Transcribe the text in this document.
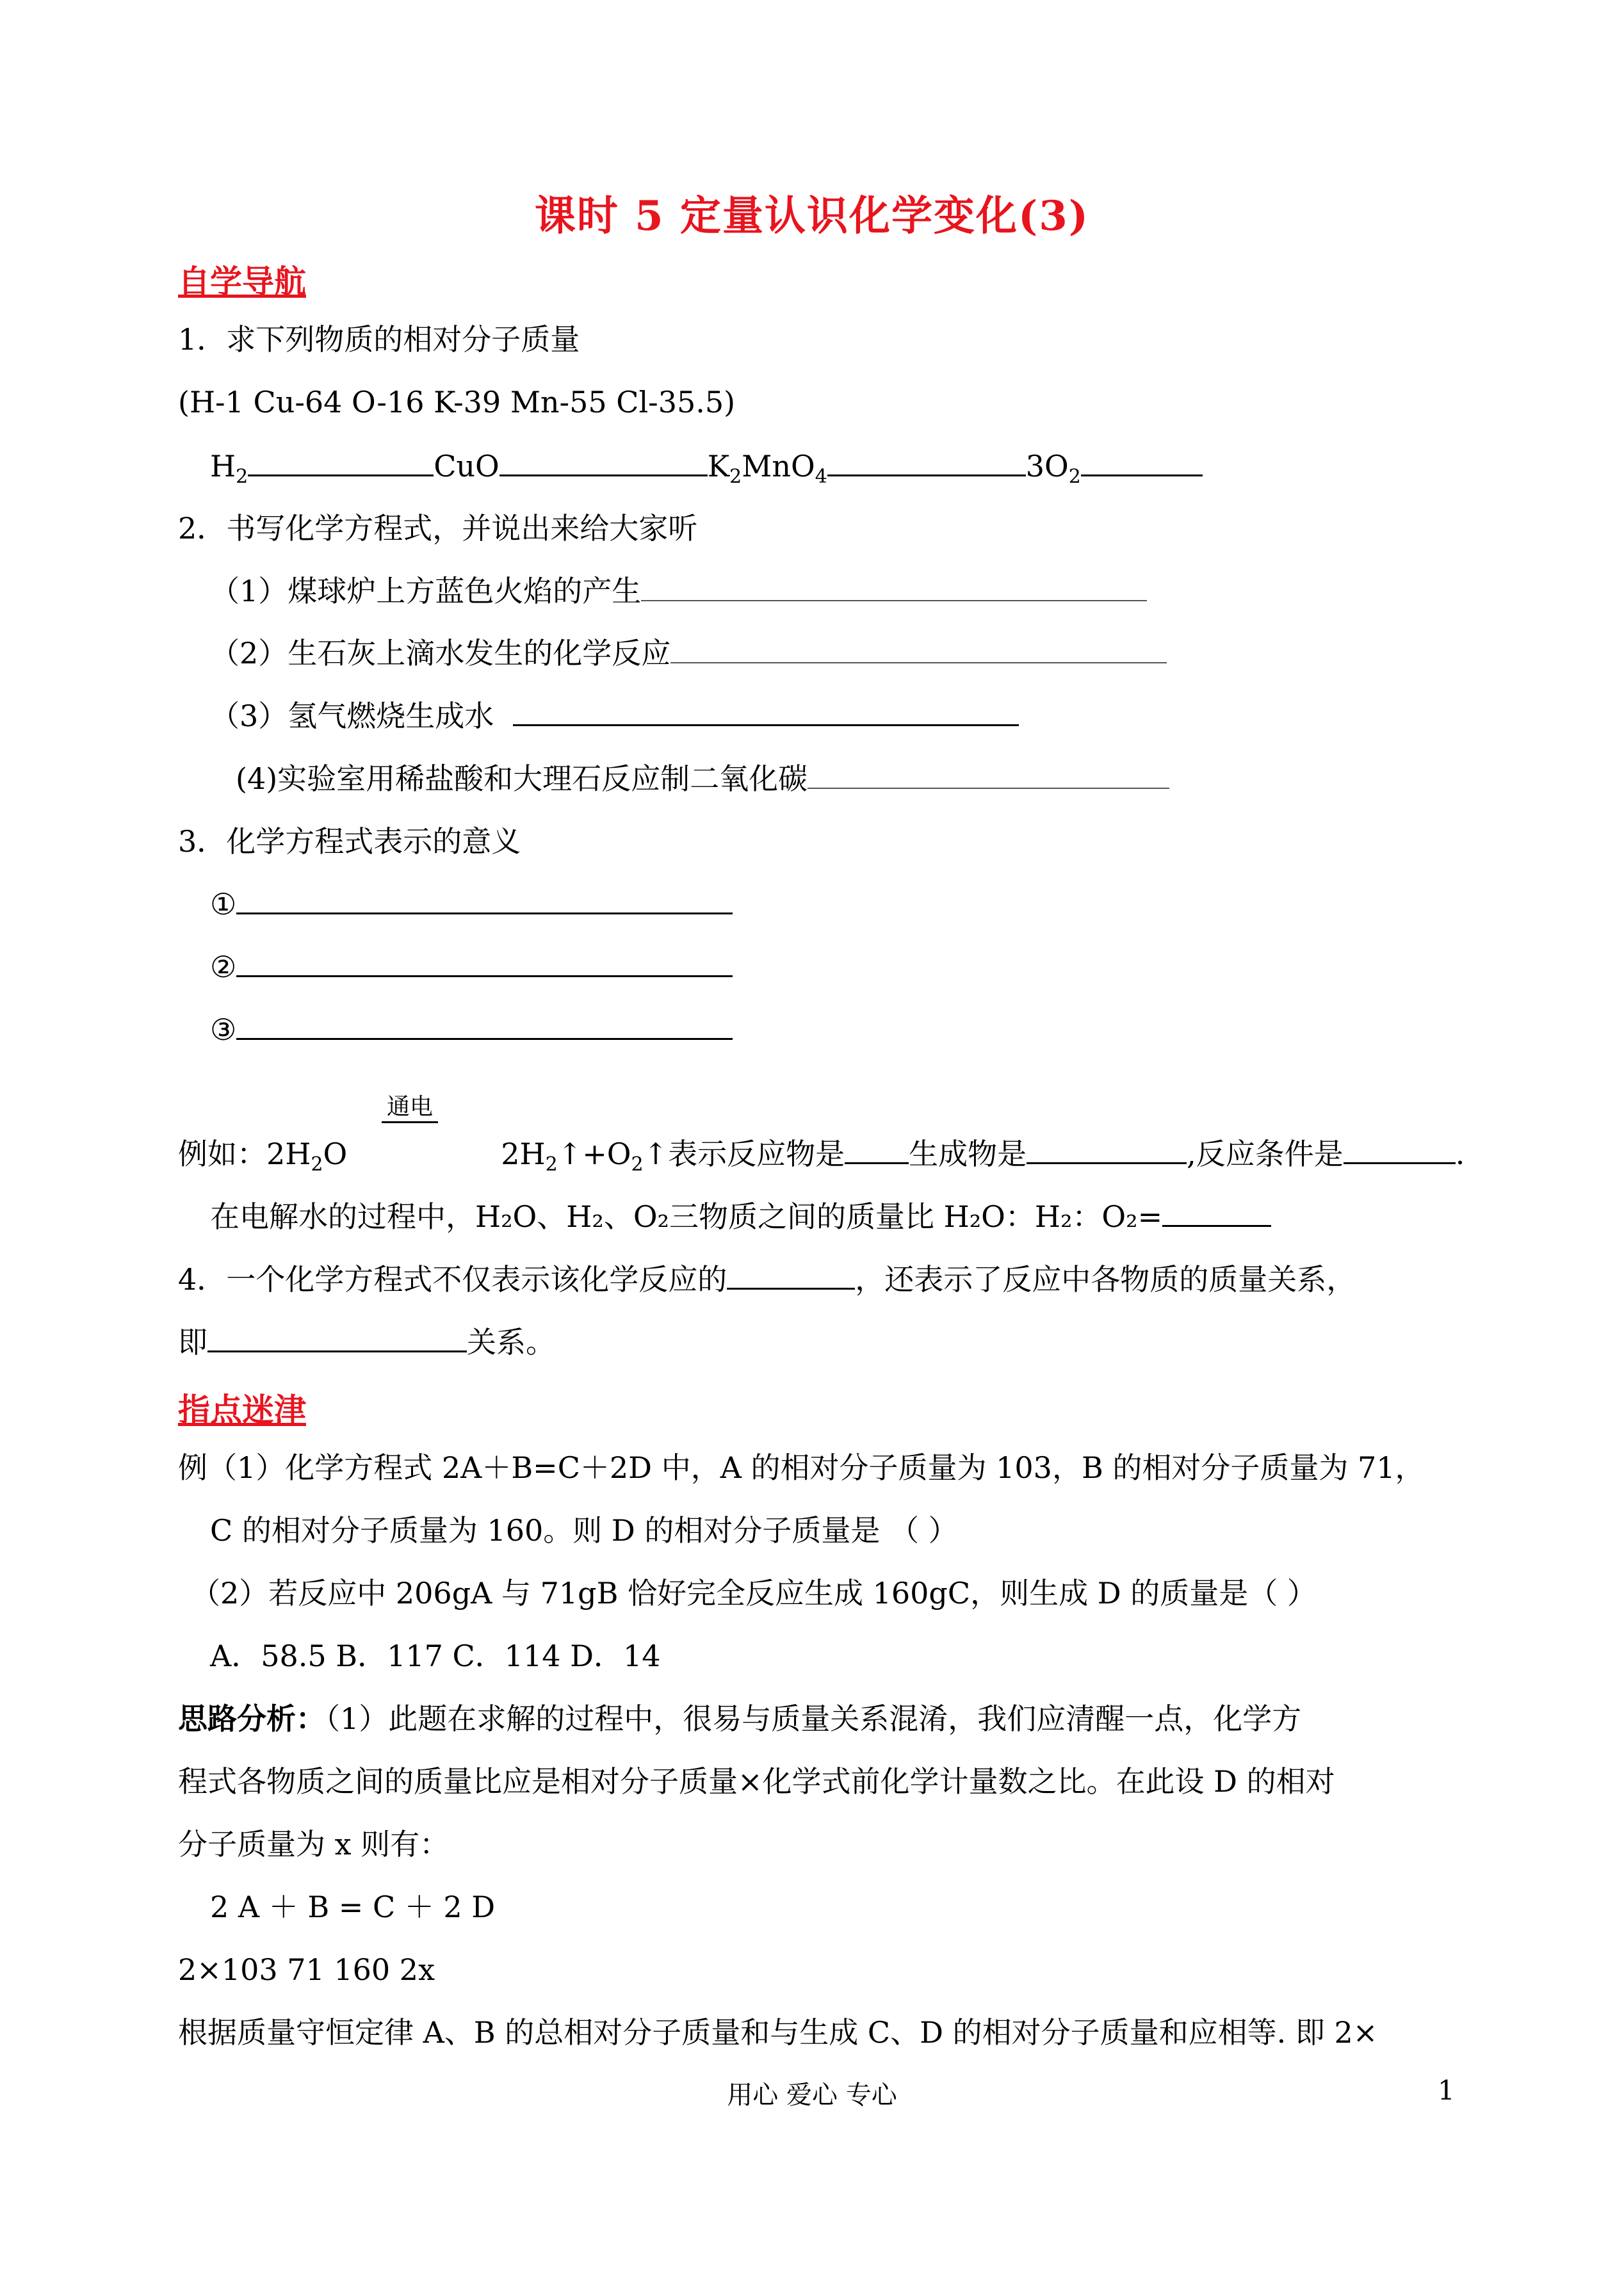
课时 5 定量认识化学变化(3)
自学导航
1．求下列物质的相对分子质量
(H-1 Cu-64 O-16 K-39 Mn-55 Cl-35.5)
$H_2$	CuO	$K_2MnO_4$	$3O_2$
2．书写化学方程式，并说出来给大家听
（1）煤球炉上方蓝色火焰的产生
（2）生石灰上滴水发生的化学反应
（3）氢气燃烧生成水
(4)实验室用稀盐酸和大理石反应制二氧化碳
3．化学方程式表示的意义
①
②
③
通电
例如：$2H_2O$	$2H_2↑+O_2↑$表示反应物是 生成物是	,反应条件是	.
在电解水的过程中，H₂O、H₂、O₂三物质之间的质量比 H₂O：H₂：O₂=
4．一个化学方程式不仅表示该化学反应的	，还表示了反应中各物质的质量关系，
即	关系。
指点迷津
例（1）化学方程式 2A＋B=C＋2D 中，A 的相对分子质量为 103，B 的相对分子质量为 71，
C 的相对分子质量为 160。则 D 的相对分子质量是 （ ）
（2）若反应中 206gA 与 71gB 恰好完全反应生成 160gC，则生成 D 的质量是（ ）
A．58.5 B．117 C．114 D．14
思路分析：（1）此题在求解的过程中，很易与质量关系混淆，我们应清醒一点，化学方
程式各物质之间的质量比应是相对分子质量×化学式前化学计量数之比。在此设 D 的相对
分子质量为 x 则有：
2 A ＋ B = C ＋ 2 D
2×103 71 160 2x
根据质量守恒定律 A、B 的总相对分子质量和与生成 C、D 的相对分子质量和应相等. 即 2×
用心 爱心 专心	1
